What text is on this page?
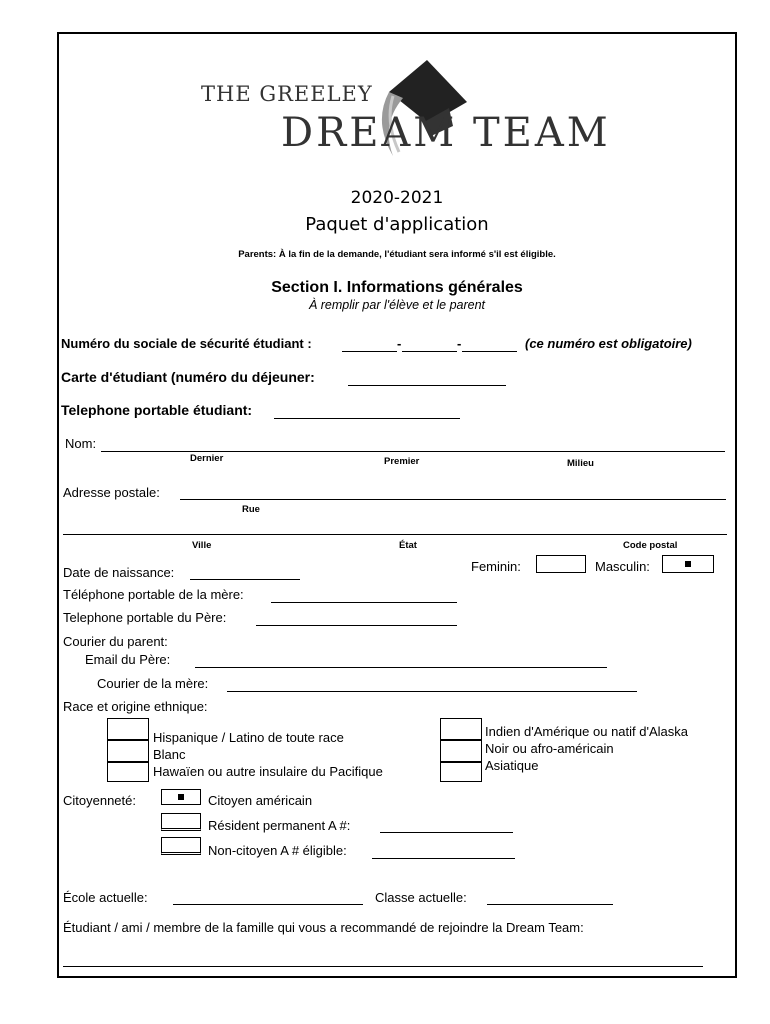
THE GREELEY
DREAM TEAM
2020-2021
Paquet d'application
Parents: À la fin de la demande, l'étudiant sera informé s'il est éligible.
Section I. Informations générales
À remplir par l'élève et le parent
Numéro du sociale de sécurité étudiant :	-	-	(ce numéro est obligatoire)
Carte d'étudiant (numéro du déjeuner:
Telephone portable étudiant:
Nom:
Dernier	Premier	Milieu
Adresse postale:
Rue
Ville	État	Code postal
Date de naissance:	Feminin:	Masculin:
Téléphone portable de la mère:
Telephone portable du Père:
Courier du parent:
Email du Père:
Courier de la mère:
Race et origine ethnique:
Hispanique / Latino de toute race
Blanc
Hawaïen ou autre insulaire du Pacifique
Indien d'Amérique ou natif d'Alaska
Noir ou afro-américain
Asiatique
Citoyenneté:	Citoyen américain
Résident permanent A #:
Non-citoyen A # éligible:
École actuelle:	Classe actuelle:
Étudiant / ami / membre de la famille qui vous a recommandé de rejoindre la Dream Team:
